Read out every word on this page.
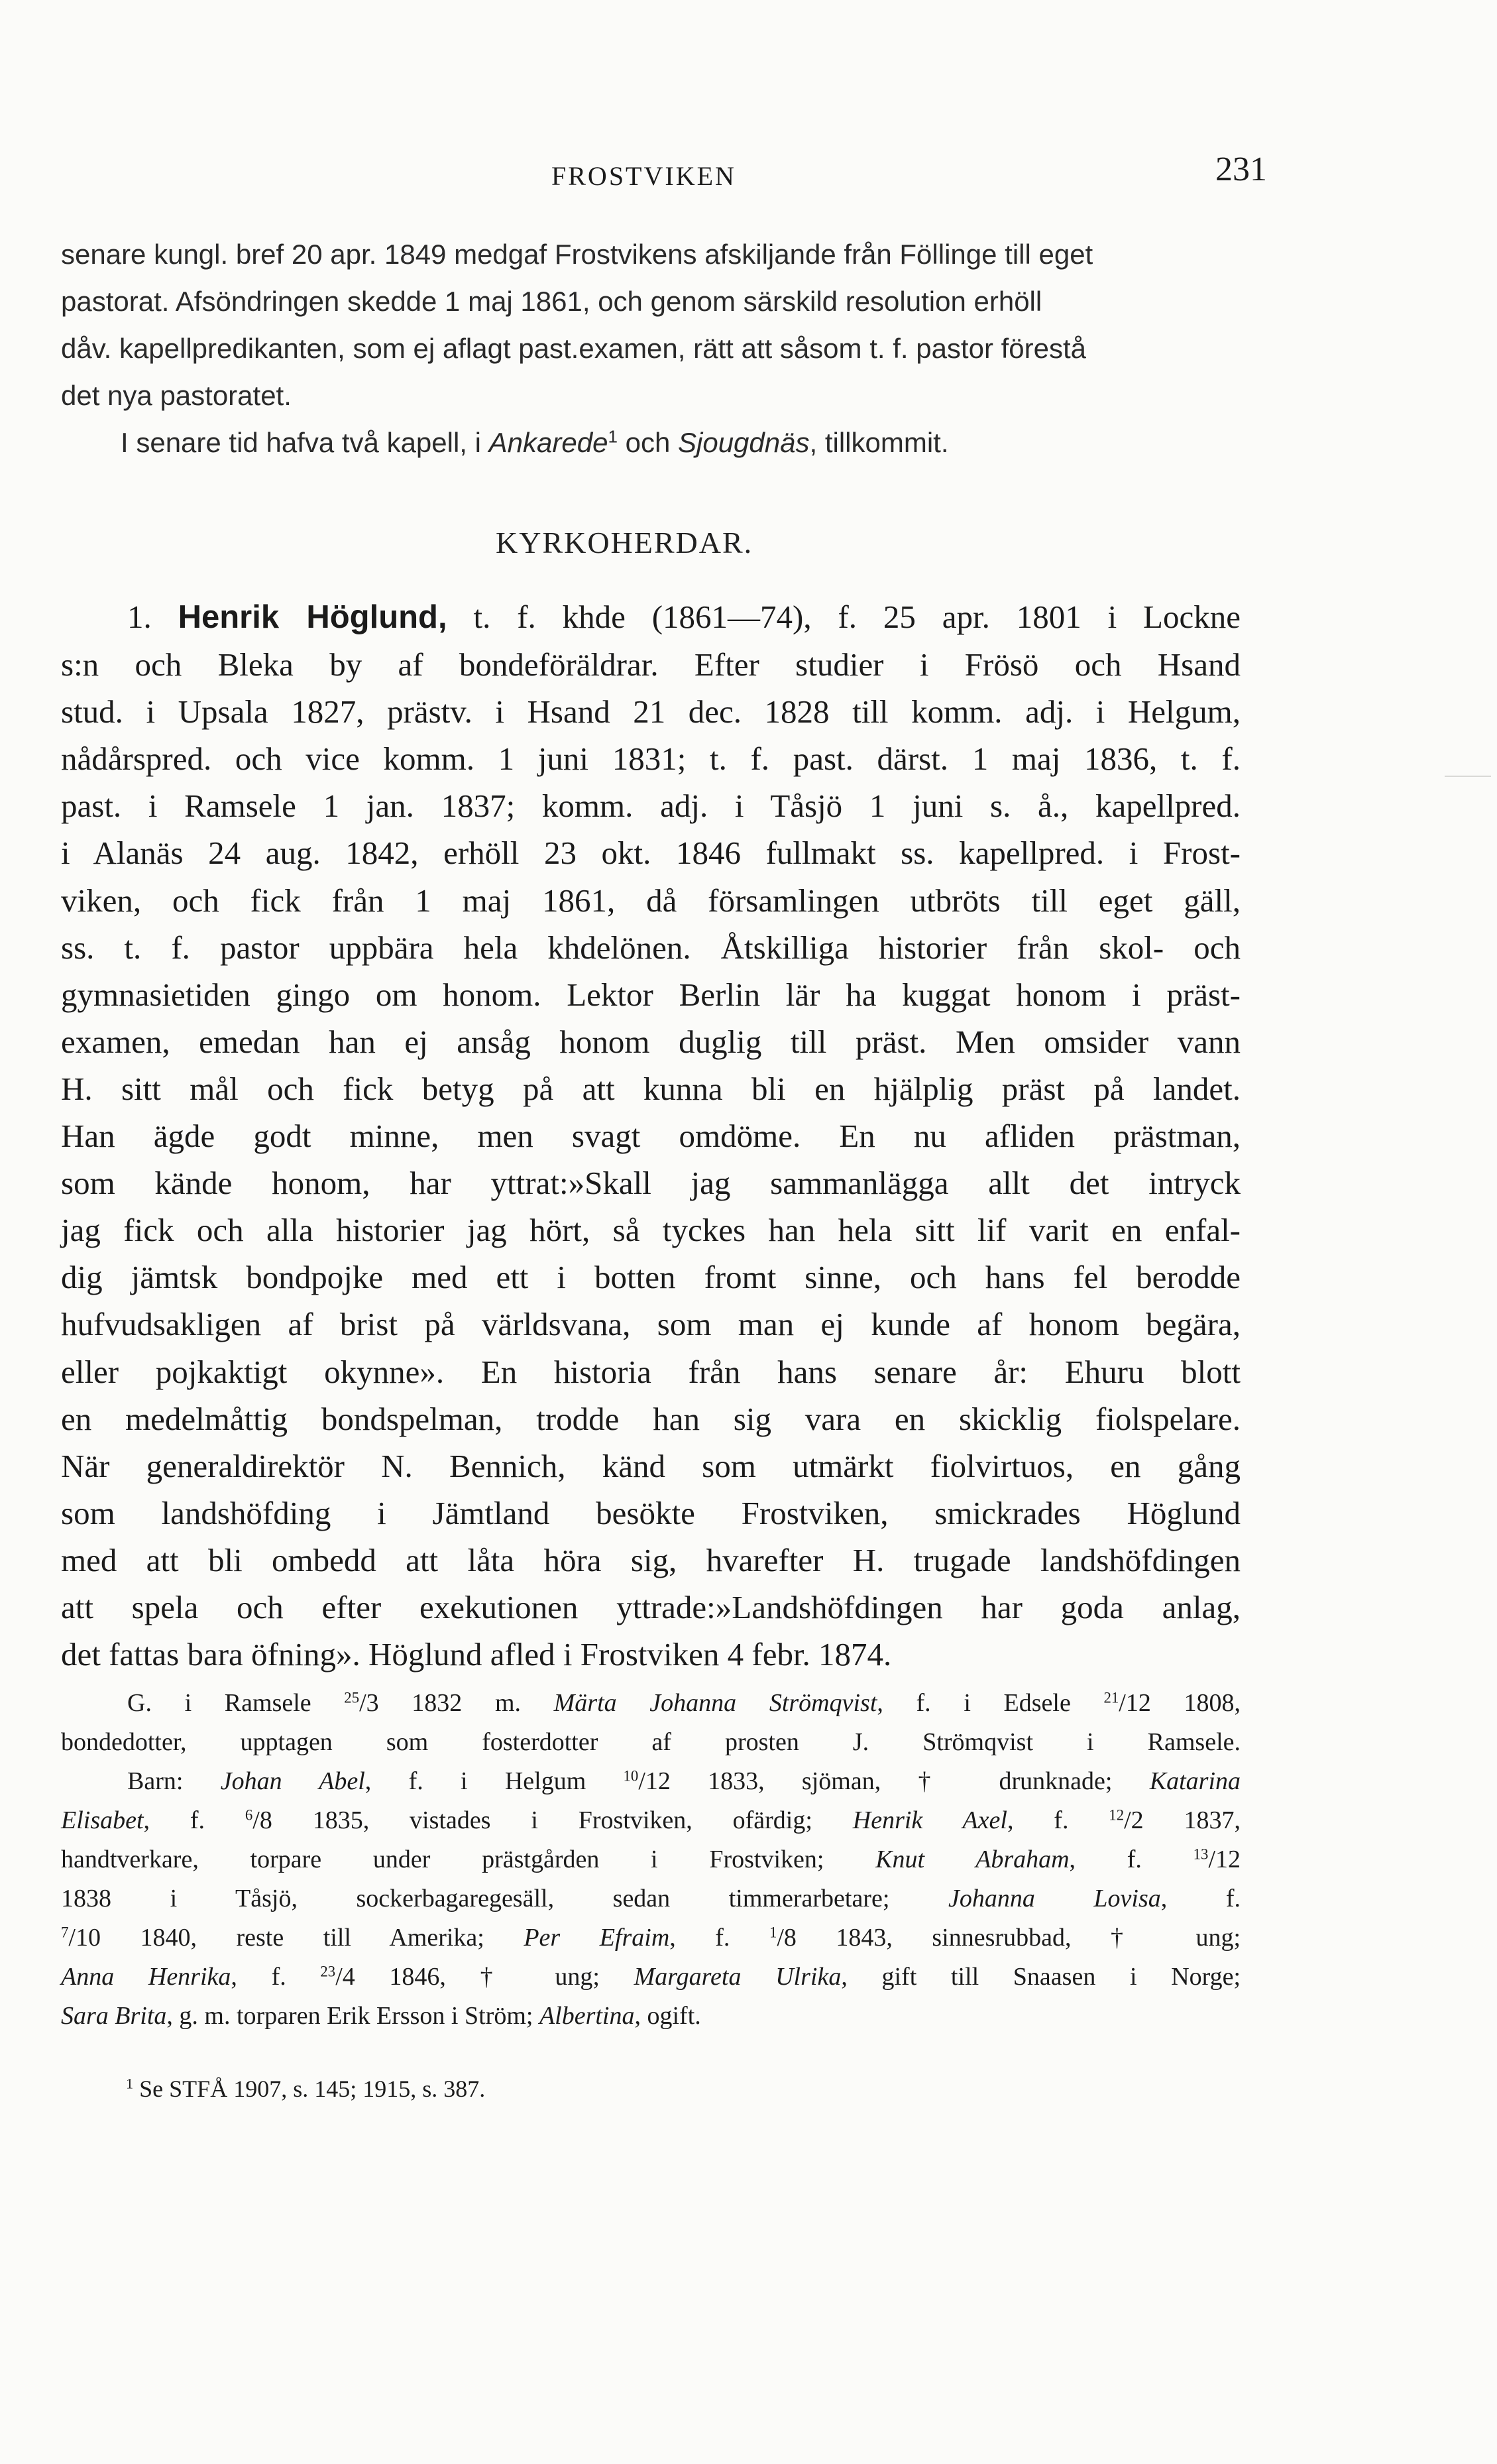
FROSTVIKEN	231

senare kungl. bref 20 apr. 1849 medgaf Frostvikens afskiljande från Föllinge till eget

pastorat. Afsöndringen skedde 1 maj 1861, och genom särskild resolution erhöll

dåv. kapellpredikanten, som ej aflagt past.examen, rätt att såsom t. f. pastor förestå

det nya pastoratet.

I senare tid hafva två kapell, i Ankarede$^1$ och Sjougdnäs, tillkommit.

KYRKOHERDAR.

1. Henrik Höglund, t. f. khde (1861—74), f. 25 apr. 1801 i Lockne

s:n och Bleka by af bondeföräldrar. Efter studier i Frösö och Hsand

stud. i Upsala 1827, prästv. i Hsand 21 dec. 1828 till komm. adj. i Helgum,

nådårspred. och vice komm. 1 juni 1831; t. f. past. därst. 1 maj 1836, t. f.

past. i Ramsele 1 jan. 1837; komm. adj. i Tåsjö 1 juni s. å., kapellpred.

i Alanäs 24 aug. 1842, erhöll 23 okt. 1846 fullmakt ss. kapellpred. i Frost-

viken, och fick från 1 maj 1861, då församlingen utbröts till eget gäll,

ss. t. f. pastor uppbära hela khdelönen. Åtskilliga historier från skol- och

gymnasietiden gingo om honom. Lektor Berlin lär ha kuggat honom i präst-

examen, emedan han ej ansåg honom duglig till präst. Men omsider vann

H. sitt mål och fick betyg på att kunna bli en hjälplig präst på landet.

Han ägde godt minne, men svagt omdöme. En nu afliden prästman,

som kände honom, har yttrat:»Skall jag sammanlägga allt det intryck

jag fick och alla historier jag hört, så tyckes han hela sitt lif varit en enfal-

dig jämtsk bondpojke med ett i botten fromt sinne, och hans fel berodde

hufvudsakligen af brist på världsvana, som man ej kunde af honom begära,

eller pojkaktigt okynne». En historia från hans senare år: Ehuru blott

en medelmåttig bondspelman, trodde han sig vara en skicklig fiolspelare.

När generaldirektör N. Bennich, känd som utmärkt fiolvirtuos, en gång

som landshöfding i Jämtland besökte Frostviken, smickrades Höglund

med att bli ombedd att låta höra sig, hvarefter H. trugade landshöfdingen

att spela och efter exekutionen yttrade:»Landshöfdingen har goda anlag,

det fattas bara öfning». Höglund afled i Frostviken 4 febr. 1874.

G. i Ramsele $^{25}$/3 1832 m. Märta Johanna Strömqvist, f. i Edsele $^{21}$/12 1808,

bondedotter, upptagen som fosterdotter af prosten J. Strömqvist i Ramsele.

Barn: Johan Abel, f. i Helgum $^{10}$/12 1833, sjöman, † drunknade; Katarina

Elisabet, f. $^6$/8 1835, vistades i Frostviken, ofärdig; Henrik Axel, f. $^{12}$/2 1837,

handtverkare, torpare under prästgården i Frostviken; Knut Abraham, f. $^{13}$/12

1838 i Tåsjö, sockerbagaregesäll, sedan timmerarbetare; Johanna Lovisa, f.

$^7$/10 1840, reste till Amerika; Per Efraim, f. $^1$/8 1843, sinnesrubbad, † ung;

Anna Henrika, f. $^{23}$/4 1846, † ung; Margareta Ulrika, gift till Snaasen i Norge;

Sara Brita, g. m. torparen Erik Ersson i Ström; Albertina, ogift.

$^1$ Se STFÅ 1907, s. 145; 1915, s. 387.
